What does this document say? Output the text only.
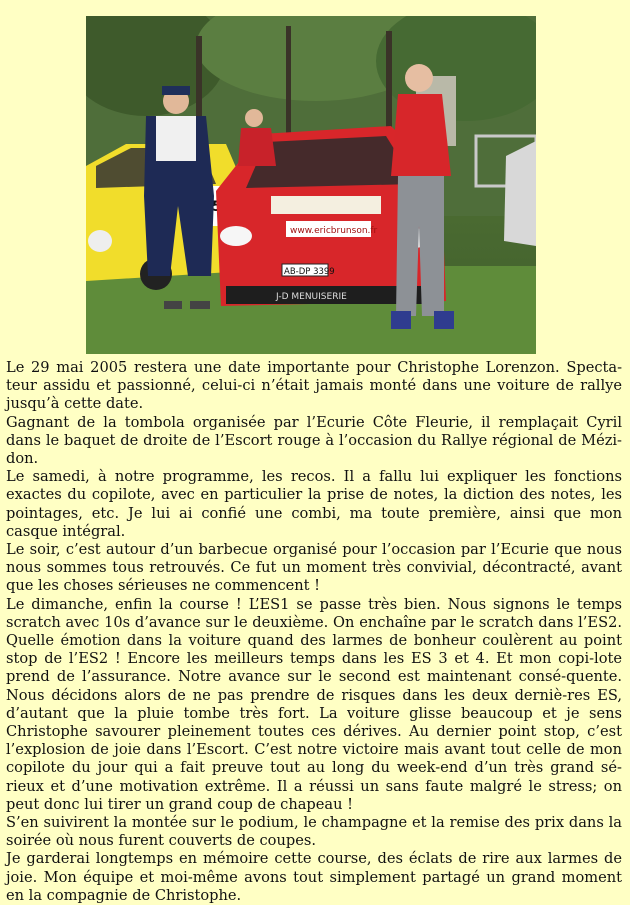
www.ericbrunson.fr
AB-DP 3399
J-D MENUISERIE

Le 29 mai 2005 restera une date importante pour Christophe Lorenzon. Specta-teur assidu et passionné, celui-ci n’était jamais monté dans une voiture de rallye jusqu’à cette date.

Gagnant de la tombola organisée par l’Ecurie Côte Fleurie, il remplaçait Cyril dans le baquet de droite de l’Escort rouge à l’occasion du Rallye régional de Mézi-don.

Le samedi, à notre programme, les recos. Il a fallu lui expliquer les fonctions exactes du copilote, avec en particulier la prise de notes, la diction des notes, les pointages, etc. Je lui ai confié une combi, ma toute première, ainsi que mon casque intégral.

Le soir, c’est autour d’un barbecue organisé pour l’occasion par l’Ecurie que nous nous sommes tous retrouvés. Ce fut un moment très convivial, décontracté, avant que les choses sérieuses ne commencent !

Le dimanche, enfin la course ! L’ES1 se passe très bien. Nous signons le temps scratch avec 10s d’avance sur le deuxième. On enchaîne par le scratch dans l’ES2. Quelle émotion dans la voiture quand des larmes de bonheur coulèrent au point stop de l’ES2 ! Encore les meilleurs temps dans les ES 3 et 4. Et mon copi-lote prend de l’assurance. Notre avance sur le second est maintenant consé-quente. Nous décidons alors de ne pas prendre de risques dans les deux derniè-res ES, d’autant que la pluie tombe très fort. La voiture glisse beaucoup et je sens Christophe savourer pleinement toutes ces dérives. Au dernier point stop, c’est l’explosion de joie dans l’Escort. C’est notre victoire mais avant tout celle de mon copilote du jour qui a fait preuve tout au long du week-end d’un très grand sé-rieux et d’une motivation extrême. Il a réussi un sans faute malgré le stress; on peut donc lui tirer un grand coup de chapeau !

S’en suivirent la montée sur le podium, le champagne et la remise des prix dans la soirée où nous furent couverts de coupes.

Je garderai longtemps en mémoire cette course, des éclats de rire aux larmes de joie. Mon équipe et moi-même avons tout simplement partagé un grand moment en la compagnie de Christophe.
